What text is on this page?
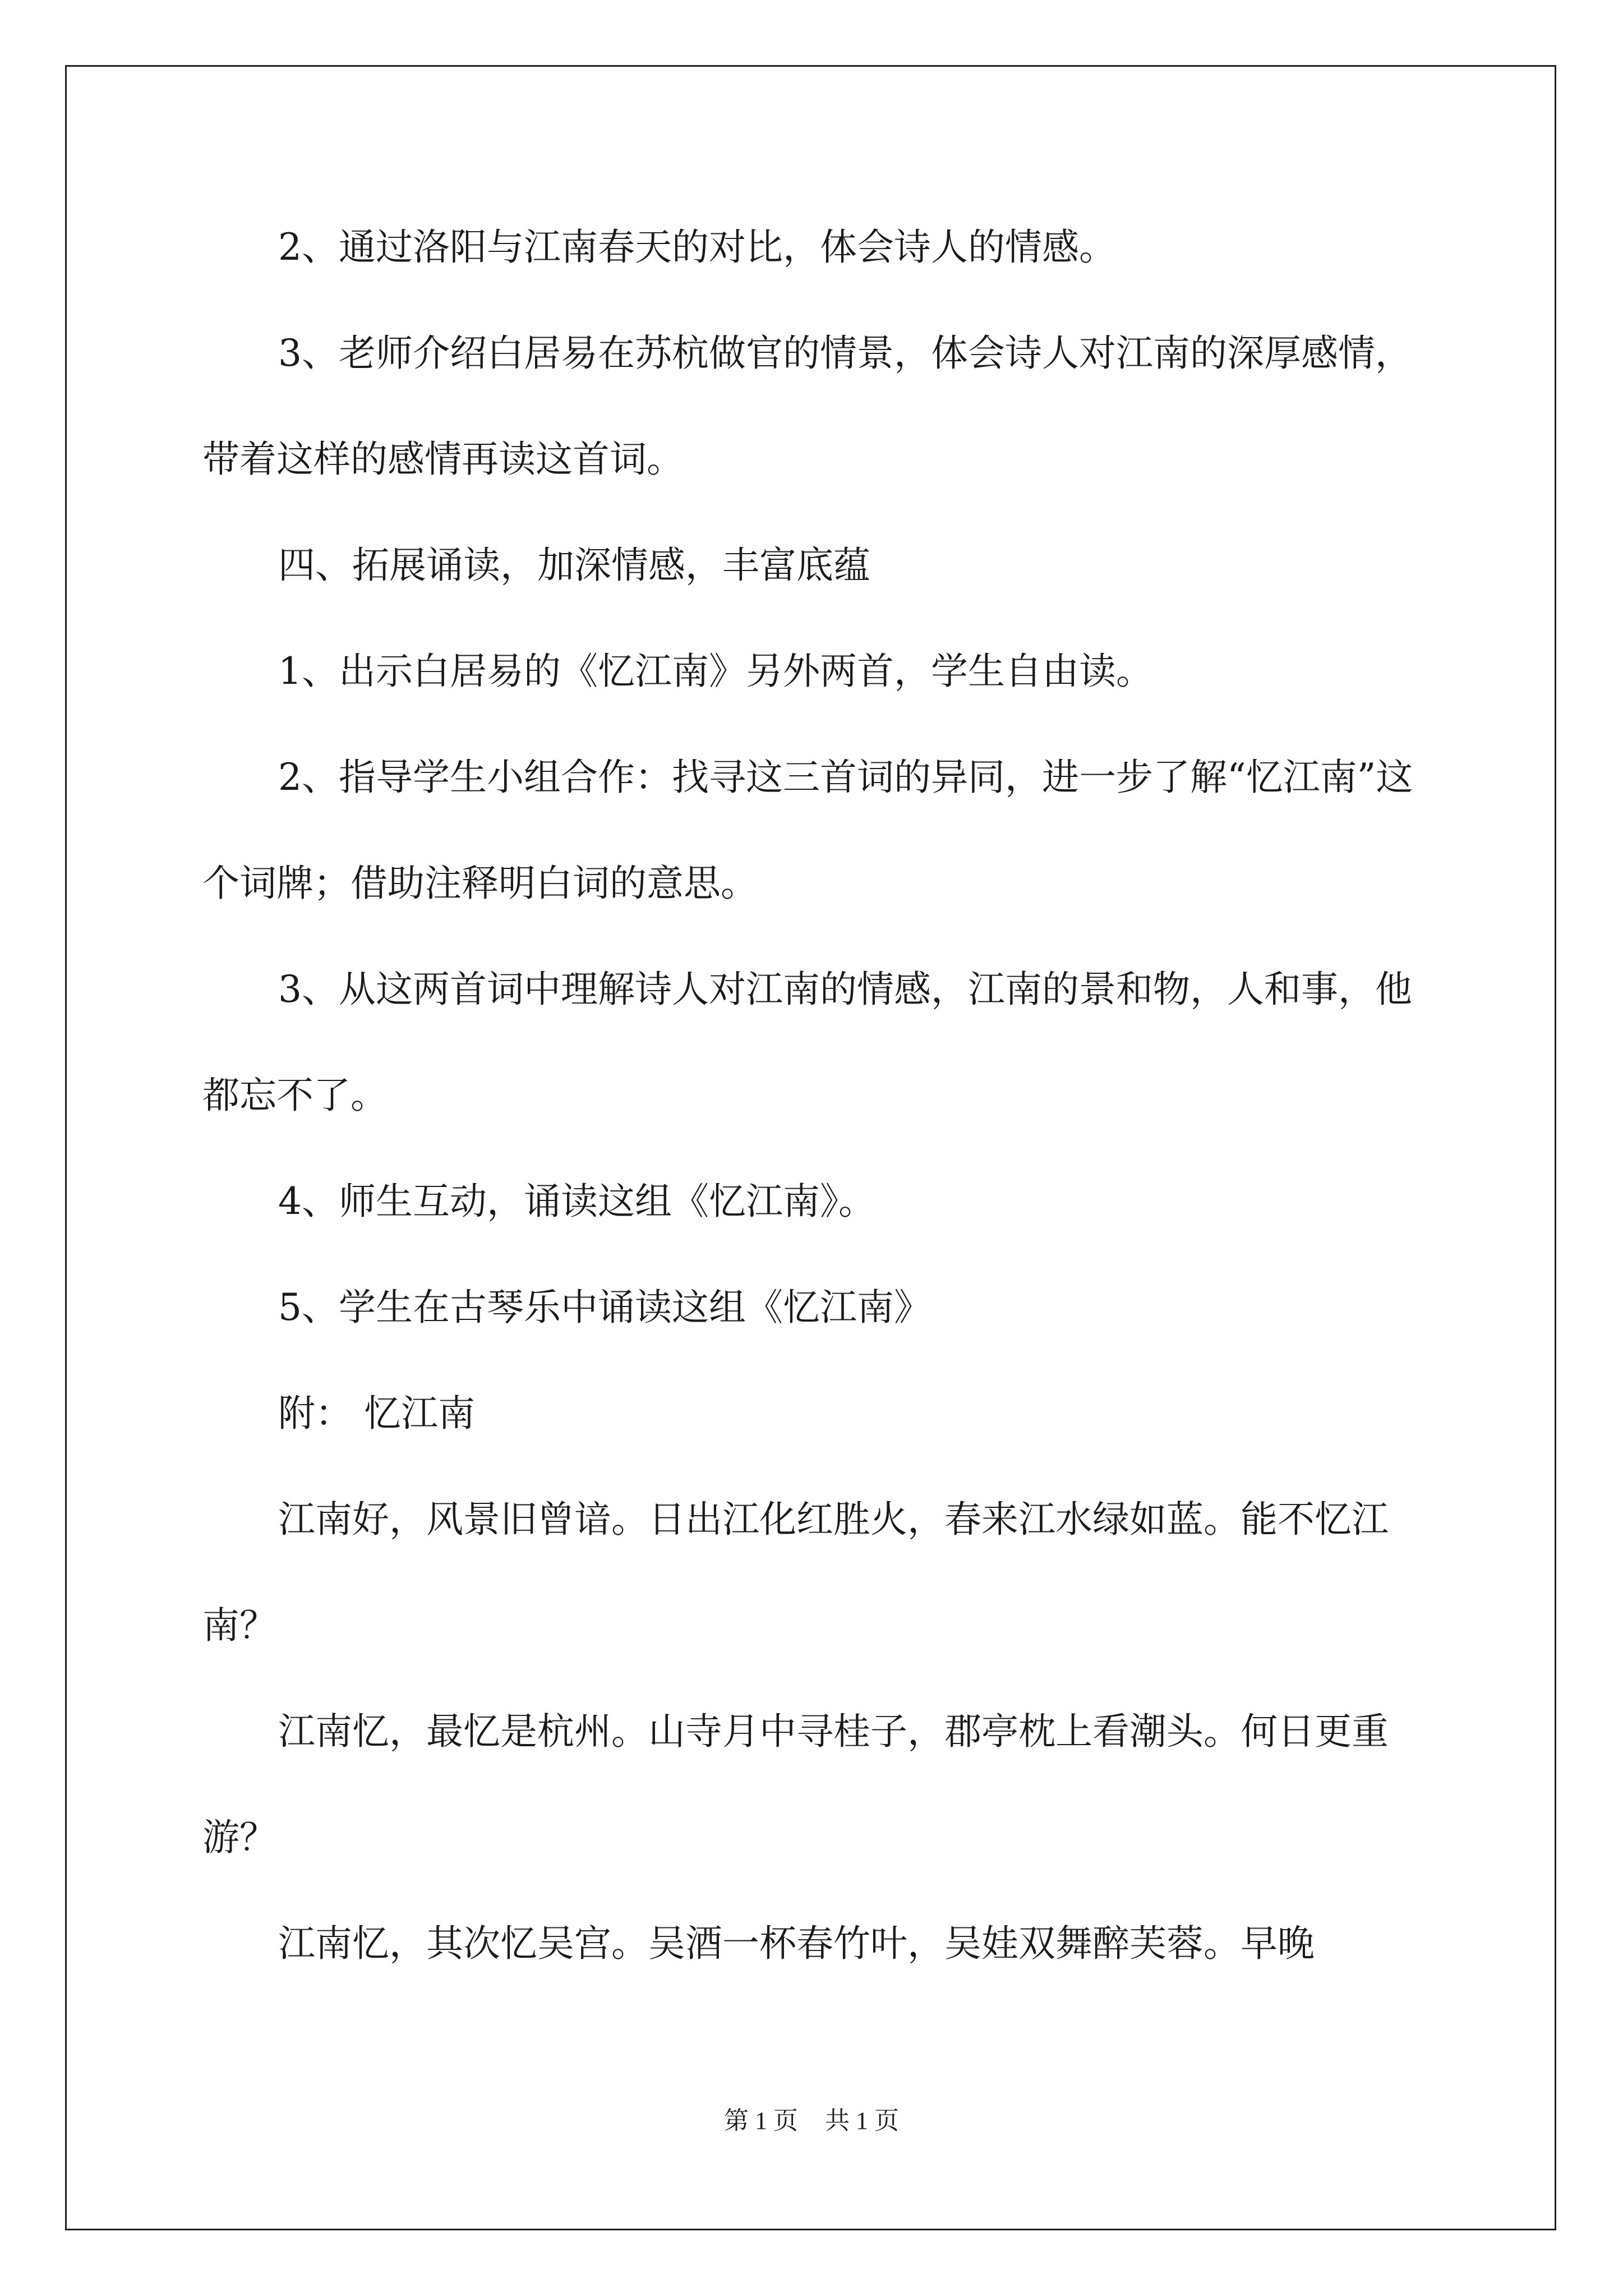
2、通过洛阳与江南春天的对比，体会诗人的情感。

3、老师介绍白居易在苏杭做官的情景，体会诗人对江南的深厚感情，带着这样的感情再读这首词。

四、拓展诵读，加深情感，丰富底蕴

1、出示白居易的《忆江南》另外两首，学生自由读。

2、指导学生小组合作：找寻这三首词的异同，进一步了解“忆江南”这个词牌；借助注释明白词的意思。

3、从这两首词中理解诗人对江南的情感，江南的景和物，人和事，他都忘不了。

4、师生互动，诵读这组《忆江南》。

5、学生在古琴乐中诵读这组《忆江南》

附： 忆江南

江南好，风景旧曾谙。日出江化红胜火，春来江水绿如蓝。能不忆江南？

江南忆，最忆是杭州。山寺月中寻桂子，郡亭枕上看潮头。何日更重游？

江南忆，其次忆吴宫。吴酒一杯春竹叶，吴娃双舞醉芙蓉。早晚

第 1 页 共 1 页
